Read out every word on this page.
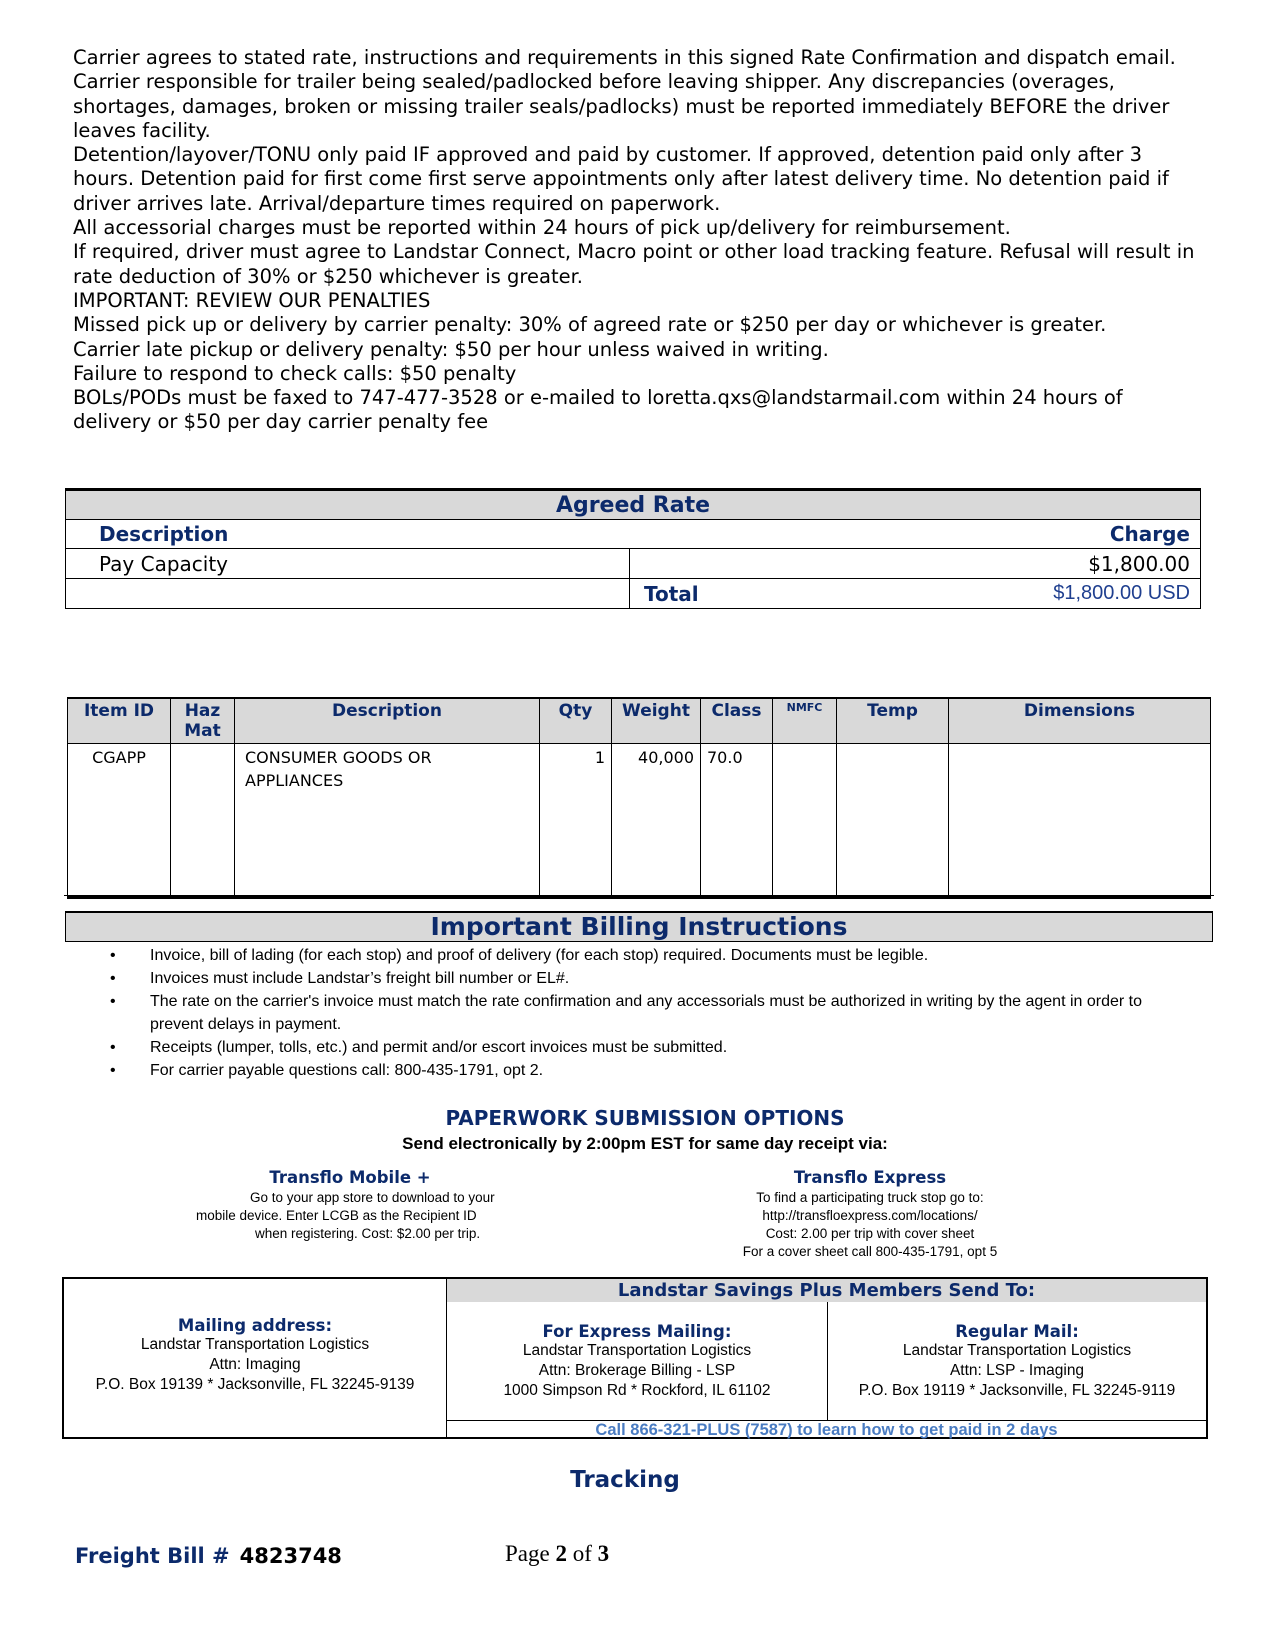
Carrier agrees to stated rate, instructions and requirements in this signed Rate Confirmation and dispatch email.
Carrier responsible for trailer being sealed/padlocked before leaving shipper. Any discrepancies (overages, shortages, damages, broken or missing trailer seals/padlocks) must be reported immediately BEFORE the driver leaves facility.
Detention/layover/TONU only paid IF approved and paid by customer. If approved, detention paid only after 3 hours. Detention paid for first come first serve appointments only after latest delivery time. No detention paid if driver arrives late. Arrival/departure times required on paperwork.
All accessorial charges must be reported within 24 hours of pick up/delivery for reimbursement.
If required, driver must agree to Landstar Connect, Macro point or other load tracking feature. Refusal will result in rate deduction of 30% or $250 whichever is greater.
IMPORTANT: REVIEW OUR PENALTIES
Missed pick up or delivery by carrier penalty: 30% of agreed rate or $250 per day or whichever is greater.
Carrier late pickup or delivery penalty: $50 per hour unless waived in writing.
Failure to respond to check calls: $50 penalty
BOLs/PODs must be faxed to 747-477-3528 or e-mailed to loretta.qxs@landstarmail.com within 24 hours of delivery or $50 per day carrier penalty fee
Agreed Rate	
Description	Charge
Pay Capacity	$1,800.00
	Total $1,800.00 USD
Item ID	Haz Mat	Description	Qty	Weight	Class	NMFC	Temp	Dimensions
CGAPP		CONSUMER GOODS OR APPLIANCES	1	40,000	70.0			
Important Billing Instructions
• Invoice, bill of lading (for each stop) and proof of delivery (for each stop) required. Documents must be legible.
• Invoices must include Landstar’s freight bill number or EL#.
• The rate on the carrier's invoice must match the rate confirmation and any accessorials must be authorized in writing by the agent in order to prevent delays in payment.
• Receipts (lumper, tolls, etc.) and permit and/or escort invoices must be submitted.
• For carrier payable questions call: 800-435-1791, opt 2.
PAPERWORK SUBMISSION OPTIONS
Send electronically by 2:00pm EST for same day receipt via:
Transflo Mobile +
Go to your app store to download to your
mobile device. Enter LCGB as the Recipient ID
when registering. Cost: $2.00 per trip.
Transflo Express
To find a participating truck stop go to:
http://transfloexpress.com/locations/
Cost: 2.00 per trip with cover sheet
For a cover sheet call 800-435-1791, opt 5
Mailing address:
Landstar Transportation Logistics
Attn: Imaging
P.O. Box 19139 * Jacksonville, FL 32245-9139
Landstar Savings Plus Members Send To:
For Express Mailing:
Landstar Transportation Logistics
Attn: Brokerage Billing - LSP
1000 Simpson Rd * Rockford, IL 61102
Regular Mail:
Landstar Transportation Logistics
Attn: LSP - Imaging
P.O. Box 19119 * Jacksonville, FL 32245-9119
Call 866-321-PLUS (7587) to learn how to get paid in 2 days
Tracking
Freight Bill # 4823748	Page 2 of 3
